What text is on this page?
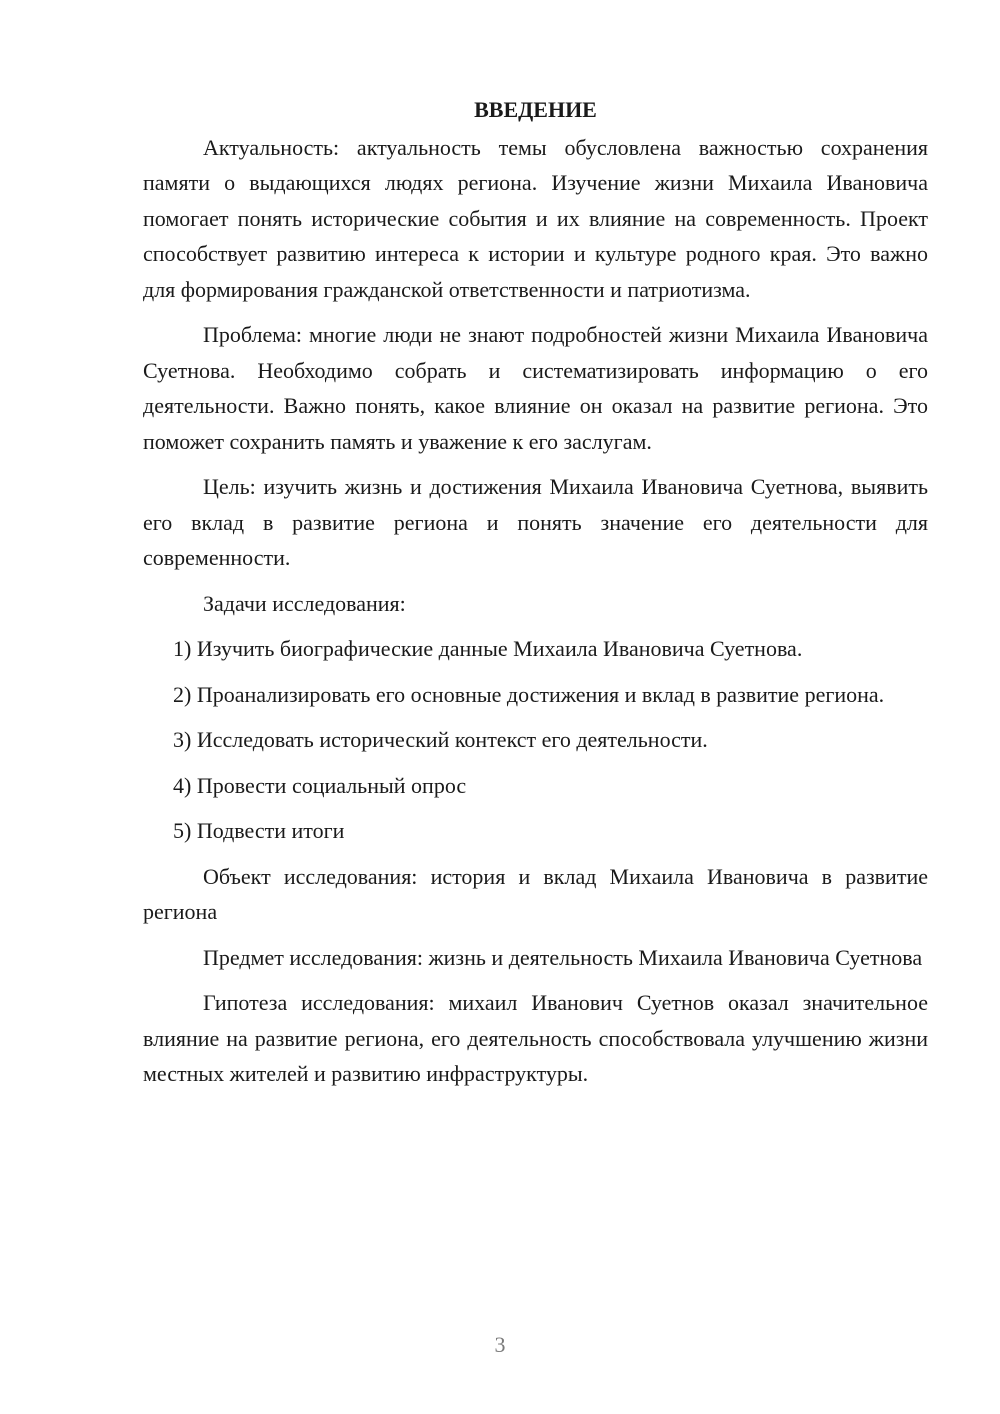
ВВЕДЕНИЕ

Актуальность: актуальность темы обусловлена важностью сохранения памяти о выдающихся людях региона. Изучение жизни Михаила Ивановича помогает понять исторические события и их влияние на современность. Проект способствует развитию интереса к истории и культуре родного края. Это важно для формирования гражданской ответственности и патриотизма.

Проблема: многие люди не знают подробностей жизни Михаила Ивановича Суетнова. Необходимо собрать и систематизировать информацию о его деятельности. Важно понять, какое влияние он оказал на развитие региона. Это поможет сохранить память и уважение к его заслугам.

Цель: изучить жизнь и достижения Михаила Ивановича Суетнова, выявить его вклад в развитие региона и понять значение его деятельности для современности.

Задачи исследования:

1) Изучить биографические данные Михаила Ивановича Суетнова.

2) Проанализировать его основные достижения и вклад в развитие региона.

3) Исследовать исторический контекст его деятельности.

4) Провести социальный опрос

5) Подвести итоги

Объект исследования: история и вклад Михаила Ивановича в развитие региона

Предмет исследования: жизнь и деятельность Михаила Ивановича Суетнова

Гипотеза исследования: михаил Иванович Суетнов оказал значительное влияние на развитие региона, его деятельность способствовала улучшению жизни местных жителей и развитию инфраструктуры.

3
